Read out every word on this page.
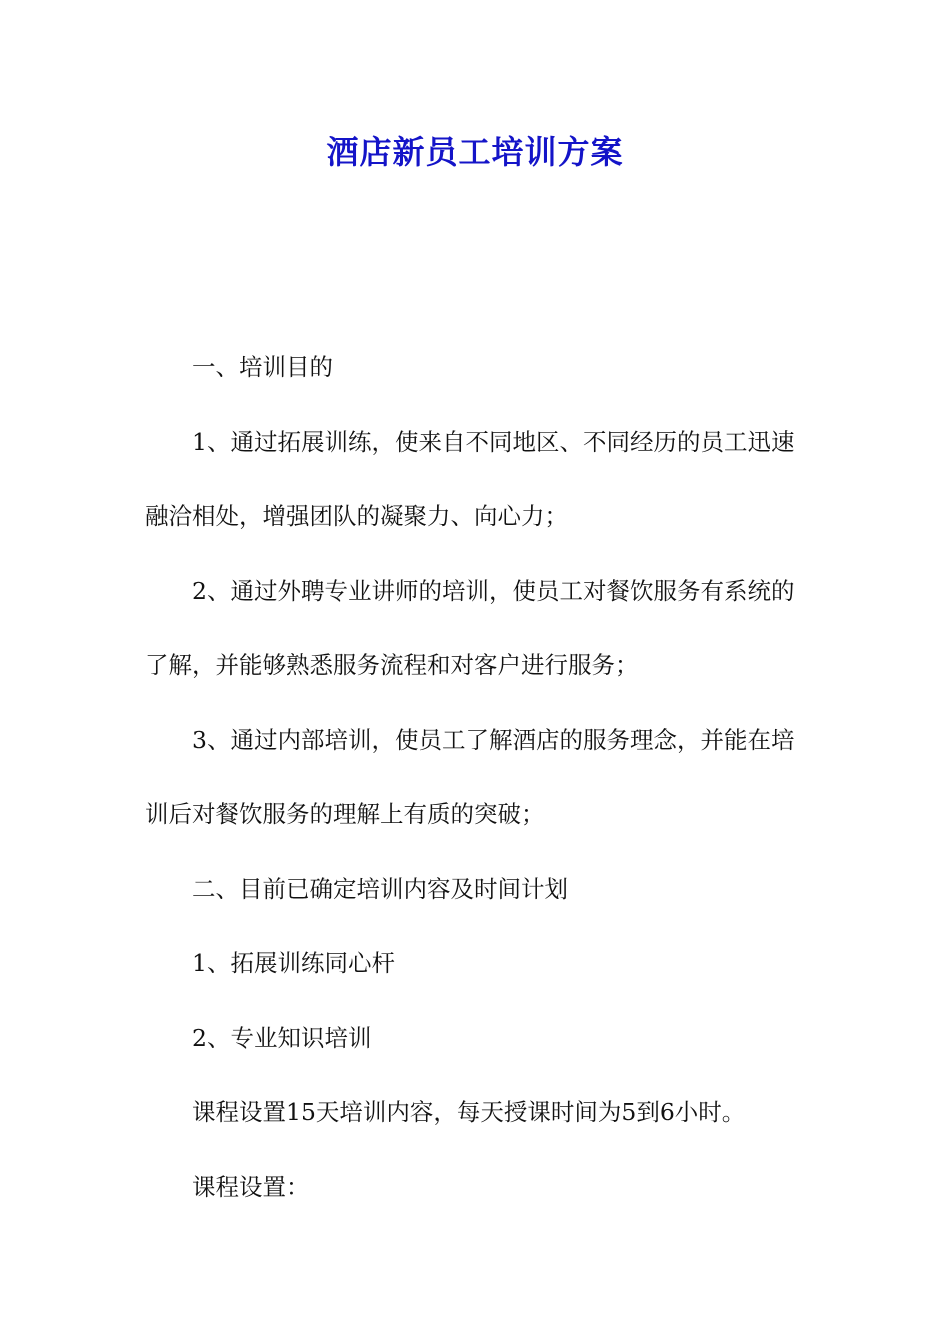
酒店新员工培训方案

一、培训目的

1、通过拓展训练，使来自不同地区、不同经历的员工迅速

融洽相处，增强团队的凝聚力、向心力；

2、通过外聘专业讲师的培训，使员工对餐饮服务有系统的

了解，并能够熟悉服务流程和对客户进行服务；

3、通过内部培训，使员工了解酒店的服务理念，并能在培

训后对餐饮服务的理解上有质的突破；

二、目前已确定培训内容及时间计划

1、拓展训练同心杆

2、专业知识培训

课程设置15天培训内容，每天授课时间为5到6小时。

课程设置：
